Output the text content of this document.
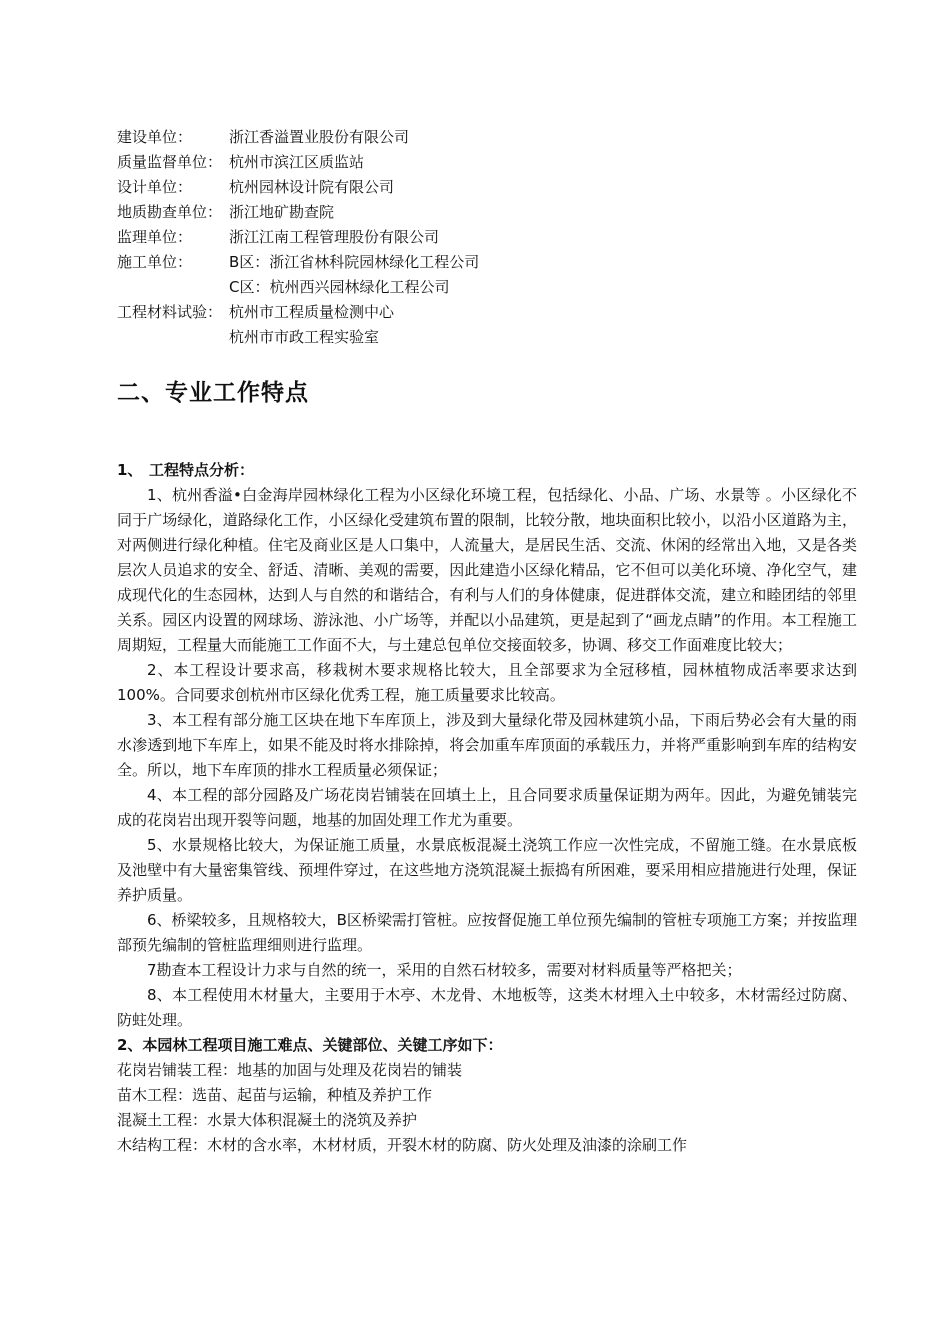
建设单位：	浙江香溢置业股份有限公司
质量监督单位： 杭州市滨江区质监站
设计单位：	杭州园林设计院有限公司
地质勘查单位： 浙江地矿勘查院
监理单位：	浙江江南工程管理股份有限公司
施工单位：	B区：浙江省林科院园林绿化工程公司
C区：杭州西兴园林绿化工程公司
工程材料试验： 杭州市工程质量检测中心
杭州市市政工程实验室
二、专业工作特点
1、 工程特点分析：
1、杭州香溢•白金海岸园林绿化工程为小区绿化环境工程，包括绿化、小品、广场、水景等 。小区绿化不同于广场绿化，道路绿化工作，小区绿化受建筑布置的限制，比较分散，地块面积比较小，以沿小区道路为主，对两侧进行绿化种植。住宅及商业区是人口集中，人流量大，是居民生活、交流、休闲的经常出入地，又是各类层次人员追求的安全、舒适、清晰、美观的需要，因此建造小区绿化精品，它不但可以美化环境、净化空气，建成现代化的生态园林，达到人与自然的和谐结合，有利与人们的身体健康，促进群体交流，建立和睦团结的邻里关系。园区内设置的网球场、游泳池、小广场等，并配以小品建筑，更是起到了“画龙点睛”的作用。本工程施工周期短，工程量大而能施工工作面不大，与土建总包单位交接面较多，协调、移交工作面难度比较大；
2、本工程设计要求高，移栽树木要求规格比较大，且全部要求为全冠移植，园林植物成活率要求达到100%。合同要求创杭州市区绿化优秀工程，施工质量要求比较高。
3、本工程有部分施工区块在地下车库顶上，涉及到大量绿化带及园林建筑小品，下雨后势必会有大量的雨水渗透到地下车库上，如果不能及时将水排除掉，将会加重车库顶面的承载压力，并将严重影响到车库的结构安全。所以，地下车库顶的排水工程质量必须保证；
4、本工程的部分园路及广场花岗岩铺装在回填土上，且合同要求质量保证期为两年。因此，为避免铺装完成的花岗岩出现开裂等问题，地基的加固处理工作尤为重要。
5、水景规格比较大，为保证施工质量，水景底板混凝土浇筑工作应一次性完成，不留施工缝。在水景底板及池壁中有大量密集管线、预埋件穿过，在这些地方浇筑混凝土振捣有所困难，要采用相应措施进行处理，保证养护质量。
6、桥梁较多，且规格较大，B区桥梁需打管桩。应按督促施工单位预先编制的管桩专项施工方案；并按监理部预先编制的管桩监理细则进行监理。
7勘查本工程设计力求与自然的统一，采用的自然石材较多，需要对材料质量等严格把关；
8、本工程使用木材量大，主要用于木亭、木龙骨、木地板等，这类木材埋入土中较多，木材需经过防腐、防蛀处理。
2、本园林工程项目施工难点、关键部位、关键工序如下：
花岗岩铺装工程：地基的加固与处理及花岗岩的铺装
苗木工程：选苗、起苗与运输，种植及养护工作
混凝土工程：水景大体积混凝土的浇筑及养护
木结构工程：木材的含水率，木材材质，开裂木材的防腐、防火处理及油漆的涂刷工作
